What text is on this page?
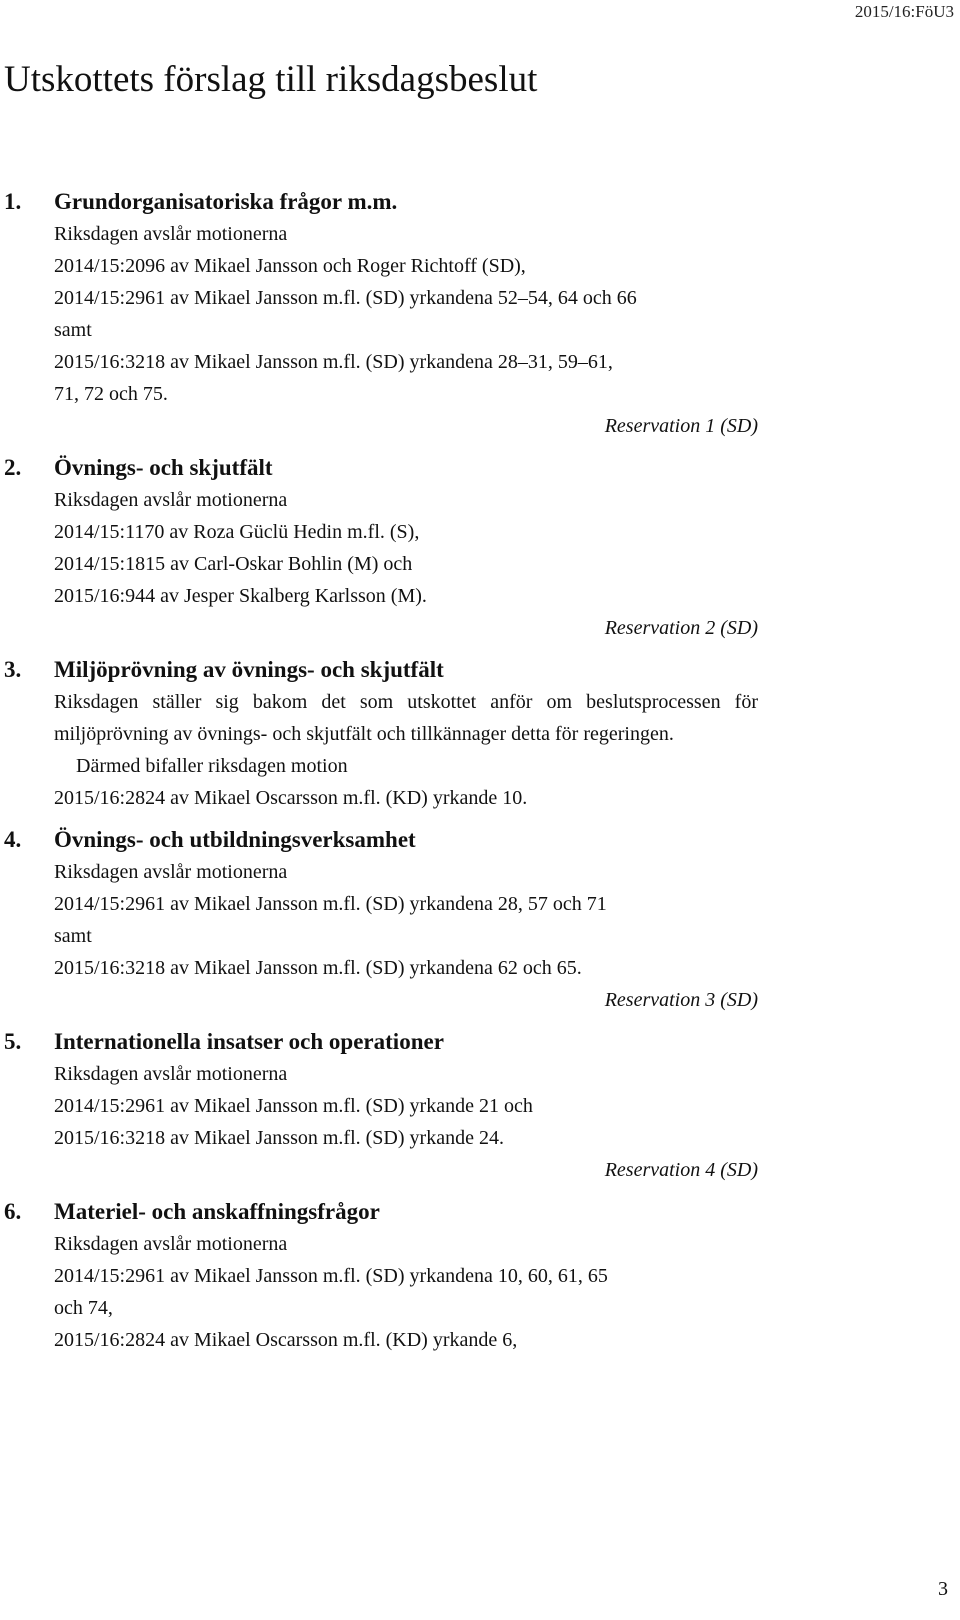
2015/16:FöU3
Utskottets förslag till riksdagsbeslut
1.	Grundorganisatoriska frågor m.m.

Riksdagen avslår motionerna

2014/15:2096 av Mikael Jansson och Roger Richtoff (SD),

2014/15:2961 av Mikael Jansson m.fl. (SD) yrkandena 52–54, 64 och 66

samt

2015/16:3218 av Mikael Jansson m.fl. (SD) yrkandena 28–31, 59–61,

71, 72 och 75.

Reservation 1 (SD)

2.	Övnings- och skjutfält

Riksdagen avslår motionerna

2014/15:1170 av Roza Güclü Hedin m.fl. (S),

2014/15:1815 av Carl-Oskar Bohlin (M) och

2015/16:944 av Jesper Skalberg Karlsson (M).

Reservation 2 (SD)

3.	Miljöprövning av övnings- och skjutfält

Riksdagen ställer sig bakom det som utskottet anför om beslutsprocessen för miljöprövning av övnings- och skjutfält och tillkännager detta för regeringen.

Därmed bifaller riksdagen motion

2015/16:2824 av Mikael Oscarsson m.fl. (KD) yrkande 10.

4.	Övnings- och utbildningsverksamhet

Riksdagen avslår motionerna

2014/15:2961 av Mikael Jansson m.fl. (SD) yrkandena 28, 57 och 71

samt

2015/16:3218 av Mikael Jansson m.fl. (SD) yrkandena 62 och 65.

Reservation 3 (SD)

5.	Internationella insatser och operationer

Riksdagen avslår motionerna

2014/15:2961 av Mikael Jansson m.fl. (SD) yrkande 21 och

2015/16:3218 av Mikael Jansson m.fl. (SD) yrkande 24.

Reservation 4 (SD)

6.	Materiel- och anskaffningsfrågor

Riksdagen avslår motionerna

2014/15:2961 av Mikael Jansson m.fl. (SD) yrkandena 10, 60, 61, 65

och 74,

2015/16:2824 av Mikael Oscarsson m.fl. (KD) yrkande 6,

3
